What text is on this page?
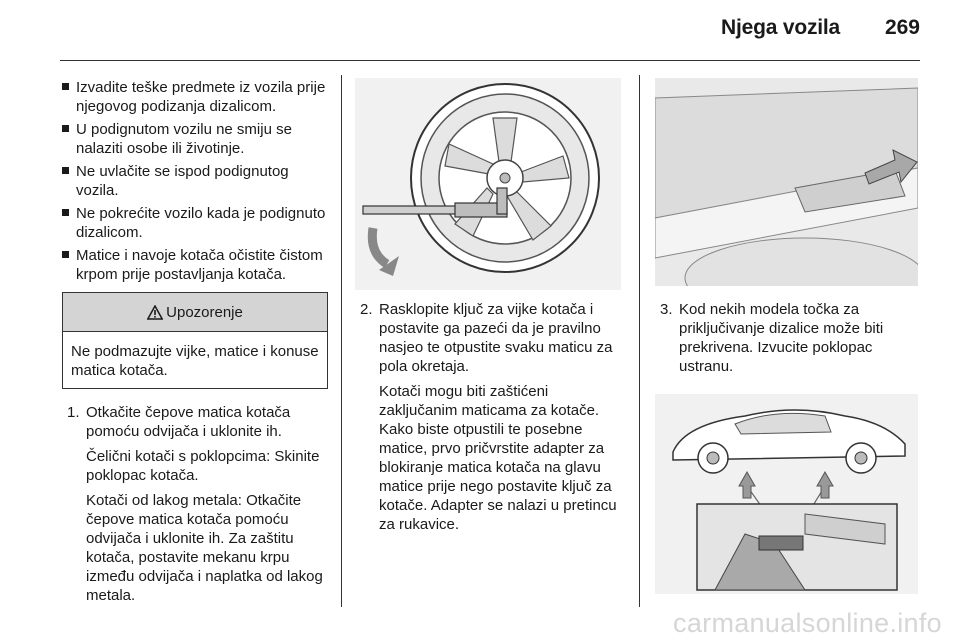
Njega vozila 269
Izvadite teške predmete iz vozila prije njegovog podizanja dizalicom.
U podignutom vozilu ne smiju se nalaziti osobe ili životinje.
Ne uvlačite se ispod podignutog vozila.
Ne pokrećite vozilo kada je podignuto dizalicom.
Matice i navoje kotača očistite čistom krpom prije postavljanja kotača.
Upozorenje
Ne podmazujte vijke, matice i konuse matica kotača.
1. Otkačite čepove matica kotača pomoću odvijača i uklonite ih.

Čelični kotači s poklopcima: Skinite poklopac kotača.

Kotači od lakog metala: Otkačite čepove matica kotača pomoću odvijača i uklonite ih. Za zaštitu kotača, postavite mekanu krpu između odvijača i naplatka od lakog metala.

2. Rasklopite ključ za vijke kotača i postavite ga pazeći da je pravilno nasjeo te otpustite svaku maticu za pola okretaja.

Kotači mogu biti zaštićeni zaključanim maticama za kotače. Kako biste otpustili te posebne matice, prvo pričvrstite adapter za blokiranje matica kotača na glavu matice prije nego postavite ključ za kotače. Adapter se nalazi u pretincu za rukavice.

3. Kod nekih modela točka za priključivanje dizalice može biti prekrivena. Izvucite poklopac ustranu.

carmanualsonline.info
